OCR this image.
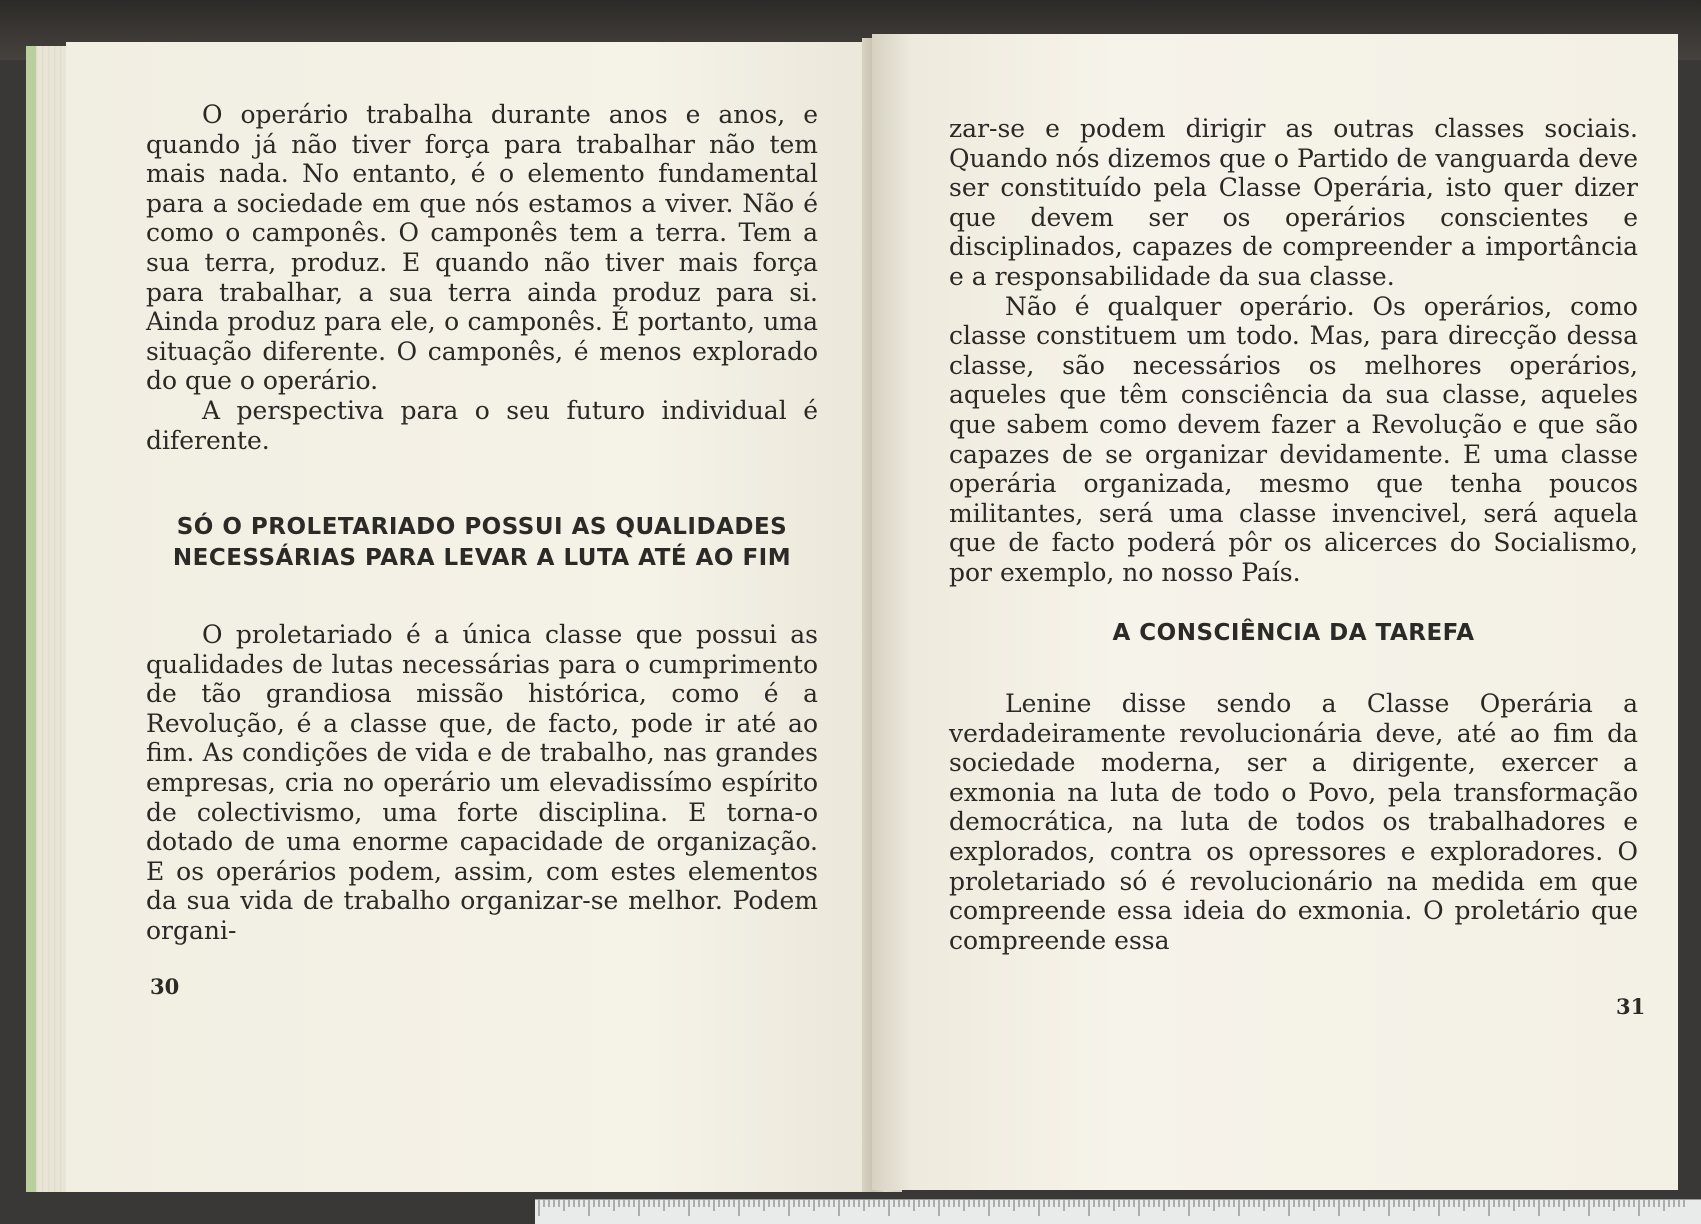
O operário trabalha durante anos e anos, e quando já não tiver força para trabalhar não tem mais nada. No entanto, é o elemento fundamental para a sociedade em que nós estamos a viver. Não é como o camponês. O camponês tem a terra. Tem a sua terra, produz. E quando não tiver mais força para trabalhar, a sua terra ainda produz para si. Ainda produz para ele, o camponês. É portanto, uma situação diferente. O camponês, é menos explorado do que o operário.

A perspectiva para o seu futuro individual é diferente.

SÓ O PROLETARIADO POSSUI AS QUALIDADES NECESSÁRIAS PARA LEVAR A LUTA ATÉ AO FIM

O proletariado é a única classe que possui as qualidades de lutas necessárias para o cumprimento de tão grandiosa missão histórica, como é a Revolução, é a classe que, de facto, pode ir até ao fim. As condições de vida e de trabalho, nas grandes empresas, cria no operário um elevadissímo espírito de colectivismo, uma forte disciplina. E torna-o dotado de uma enorme capacidade de organização. E os operários podem, assim, com estes elementos da sua vida de trabalho organizar-se melhor. Podem organi-

30

zar-se e podem dirigir as outras classes sociais. Quando nós dizemos que o Partido de vanguarda deve ser constituído pela Classe Operária, isto quer dizer que devem ser os operários conscientes e disciplinados, capazes de compreender a importância e a responsabilidade da sua classe.

Não é qualquer operário. Os operários, como classe constituem um todo. Mas, para direcção dessa classe, são necessários os melhores operários, aqueles que têm consciência da sua classe, aqueles que sabem como devem fazer a Revolução e que são capazes de se organizar devidamente. E uma classe operária organizada, mesmo que tenha poucos militantes, será uma classe invencivel, será aquela que de facto poderá pôr os alicerces do Socialismo, por exemplo, no nosso País.

A CONSCIÊNCIA DA TAREFA

Lenine disse sendo a Classe Operária a verdadeiramente revolucionária deve, até ao fim da sociedade moderna, ser a dirigente, exercer a exmonia na luta de todo o Povo, pela transformação democrática, na luta de todos os trabalhadores e explorados, contra os opressores e exploradores. O proletariado só é revolucionário na medida em que compreende essa ideia do exmonia. O proletário que compreende essa

31
